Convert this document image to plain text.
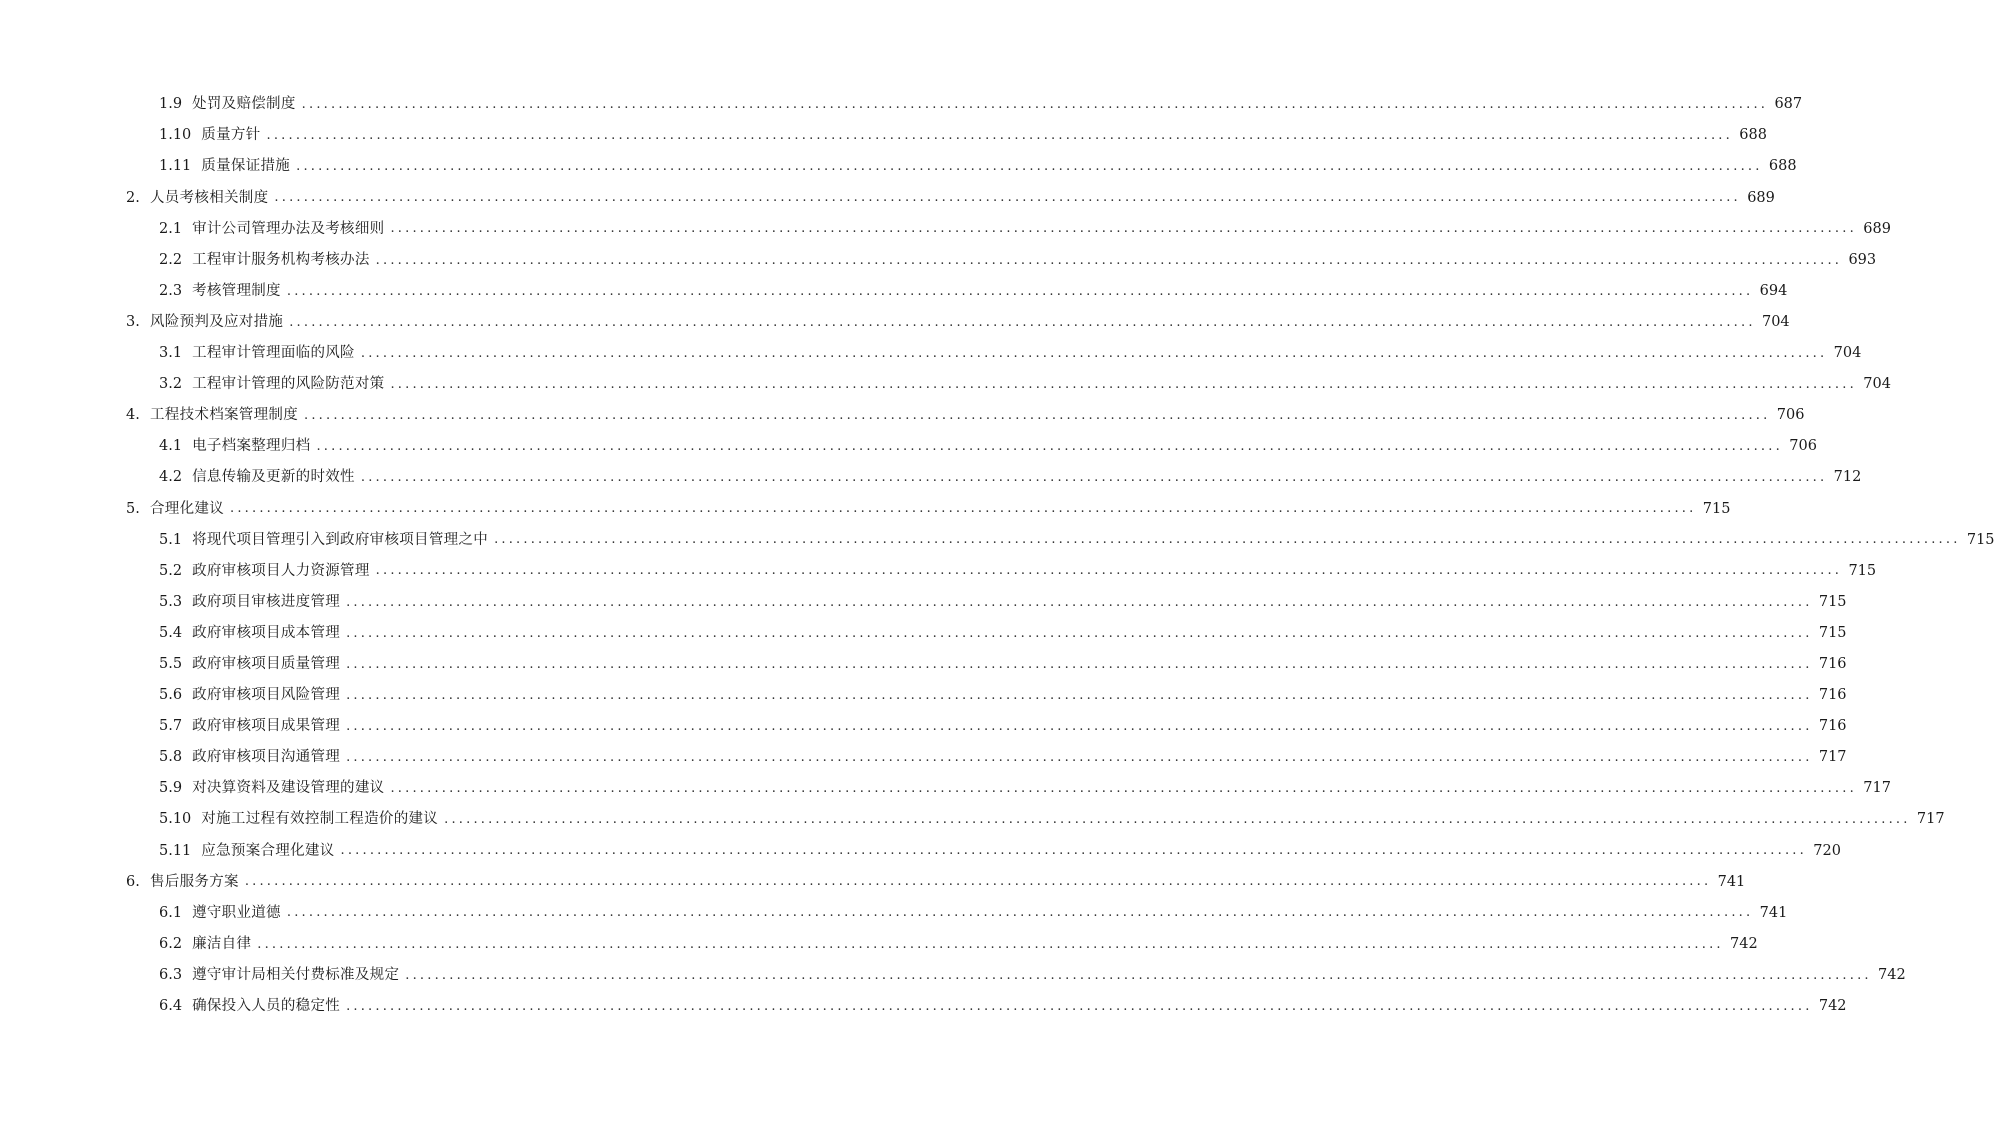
1.9 处罚及赔偿制度 ........................................................................................................................................................................................................ 687
1.10 质量方针 ........................................................................................................................................................................................................ 688
1.11 质量保证措施 ........................................................................................................................................................................................................ 688
2. 人员考核相关制度 ........................................................................................................................................................................................................ 689
2.1 审计公司管理办法及考核细则 ........................................................................................................................................................................................................ 689
2.2 工程审计服务机构考核办法 ........................................................................................................................................................................................................ 693
2.3 考核管理制度 ........................................................................................................................................................................................................ 694
3. 风险预判及应对措施 ........................................................................................................................................................................................................ 704
3.1 工程审计管理面临的风险 ........................................................................................................................................................................................................ 704
3.2 工程审计管理的风险防范对策 ........................................................................................................................................................................................................ 704
4. 工程技术档案管理制度 ........................................................................................................................................................................................................ 706
4.1 电子档案整理归档 ........................................................................................................................................................................................................ 706
4.2 信息传输及更新的时效性 ........................................................................................................................................................................................................ 712
5. 合理化建议 ........................................................................................................................................................................................................ 715
5.1 将现代项目管理引入到政府审核项目管理之中 ........................................................................................................................................................................................................ 715
5.2 政府审核项目人力资源管理 ........................................................................................................................................................................................................ 715
5.3 政府项目审核进度管理 ........................................................................................................................................................................................................ 715
5.4 政府审核项目成本管理 ........................................................................................................................................................................................................ 715
5.5 政府审核项目质量管理 ........................................................................................................................................................................................................ 716
5.6 政府审核项目风险管理 ........................................................................................................................................................................................................ 716
5.7 政府审核项目成果管理 ........................................................................................................................................................................................................ 716
5.8 政府审核项目沟通管理 ........................................................................................................................................................................................................ 717
5.9 对决算资料及建设管理的建议 ........................................................................................................................................................................................................ 717
5.10 对施工过程有效控制工程造价的建议 ........................................................................................................................................................................................................ 717
5.11 应急预案合理化建议 ........................................................................................................................................................................................................ 720
6. 售后服务方案 ........................................................................................................................................................................................................ 741
6.1 遵守职业道德 ........................................................................................................................................................................................................ 741
6.2 廉洁自律 ........................................................................................................................................................................................................ 742
6.3 遵守审计局相关付费标准及规定 ........................................................................................................................................................................................................ 742
6.4 确保投入人员的稳定性 ........................................................................................................................................................................................................ 742
